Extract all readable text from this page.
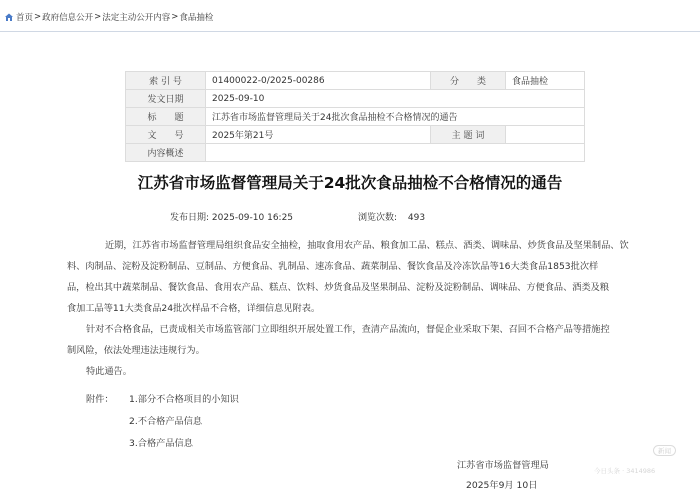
首页 > 政府信息公开 > 法定主动公开内容 > 食品抽检
索 引 号	01400022-0/2025-00286	分　　类	食品抽检
发文日期	2025-09-10		
标　　题	江苏省市场监督管理局关于24批次食品抽检不合格情况的通告		
文　　号	2025年第21号	主 题 词	
内容概述			
江苏省市场监督管理局关于24批次食品抽检不合格情况的通告
发布日期: 2025-09-10 16:25	浏览次数: 493
近期，江苏省市场监督管理局组织食品安全抽检，抽取食用农产品、粮食加工品、糕点、酒类、调味品、炒货食品及坚果制品、饮
料、肉制品、淀粉及淀粉制品、豆制品、方便食品、乳制品、速冻食品、蔬菜制品、餐饮食品及冷冻饮品等16大类食品1853批次样
品，检出其中蔬菜制品、餐饮食品、食用农产品、糕点、饮料、炒货食品及坚果制品、淀粉及淀粉制品、调味品、方便食品、酒类及粮
食加工品等11大类食品24批次样品不合格，详细信息见附表。
针对不合格食品，已责成相关市场监管部门立即组织开展处置工作，查清产品流向，督促企业采取下架、召回不合格产品等措施控
制风险，依法处理违法违规行为。
特此通告。
附件： 1.部分不合格项目的小知识
2.不合格产品信息
3.合格产品信息
江苏省市场监督管理局
2025年9月 10日
新闻
今日头条 · 3414986
